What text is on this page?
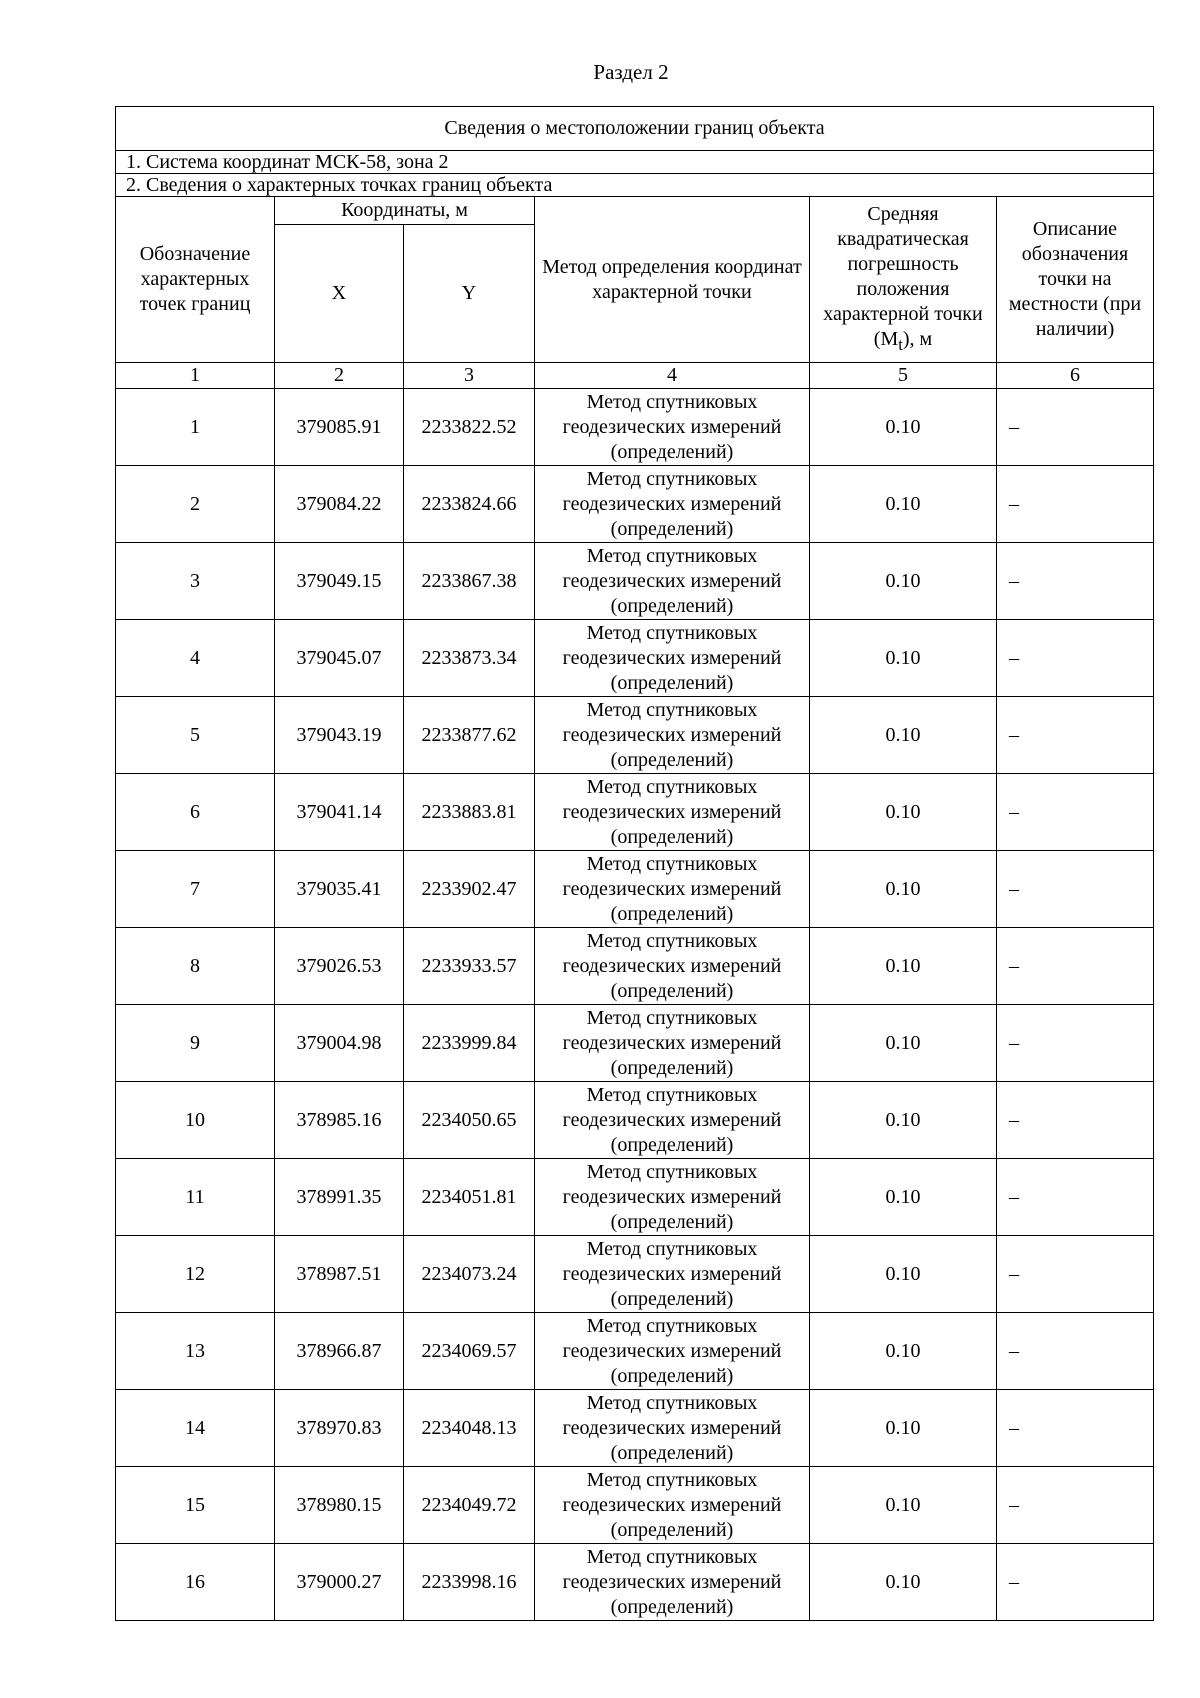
Раздел 2
Сведения о местоположении границ объекта					
1. Система координат МСК-58, зона 2					
2. Сведения о характерных точках границ объекта					
Обозначение характерных точек границ	Координаты, м		Метод определения координат характерной точки	Средняя квадратическая погрешность положения характерной точки $(M_t)$, м	Описание обозначения точки на местности (при наличии)
	X	Y			
1	2	3	4	5	6
1	379085.91	2233822.52	Метод спутниковых геодезических измерений (определений)	0.10	–
2	379084.22	2233824.66	Метод спутниковых геодезических измерений (определений)	0.10	–
3	379049.15	2233867.38	Метод спутниковых геодезических измерений (определений)	0.10	–
4	379045.07	2233873.34	Метод спутниковых геодезических измерений (определений)	0.10	–
5	379043.19	2233877.62	Метод спутниковых геодезических измерений (определений)	0.10	–
6	379041.14	2233883.81	Метод спутниковых геодезических измерений (определений)	0.10	–
7	379035.41	2233902.47	Метод спутниковых геодезических измерений (определений)	0.10	–
8	379026.53	2233933.57	Метод спутниковых геодезических измерений (определений)	0.10	–
9	379004.98	2233999.84	Метод спутниковых геодезических измерений (определений)	0.10	–
10	378985.16	2234050.65	Метод спутниковых геодезических измерений (определений)	0.10	–
11	378991.35	2234051.81	Метод спутниковых геодезических измерений (определений)	0.10	–
12	378987.51	2234073.24	Метод спутниковых геодезических измерений (определений)	0.10	–
13	378966.87	2234069.57	Метод спутниковых геодезических измерений (определений)	0.10	–
14	378970.83	2234048.13	Метод спутниковых геодезических измерений (определений)	0.10	–
15	378980.15	2234049.72	Метод спутниковых геодезических измерений (определений)	0.10	–
16	379000.27	2233998.16	Метод спутниковых геодезических измерений (определений)	0.10	–
